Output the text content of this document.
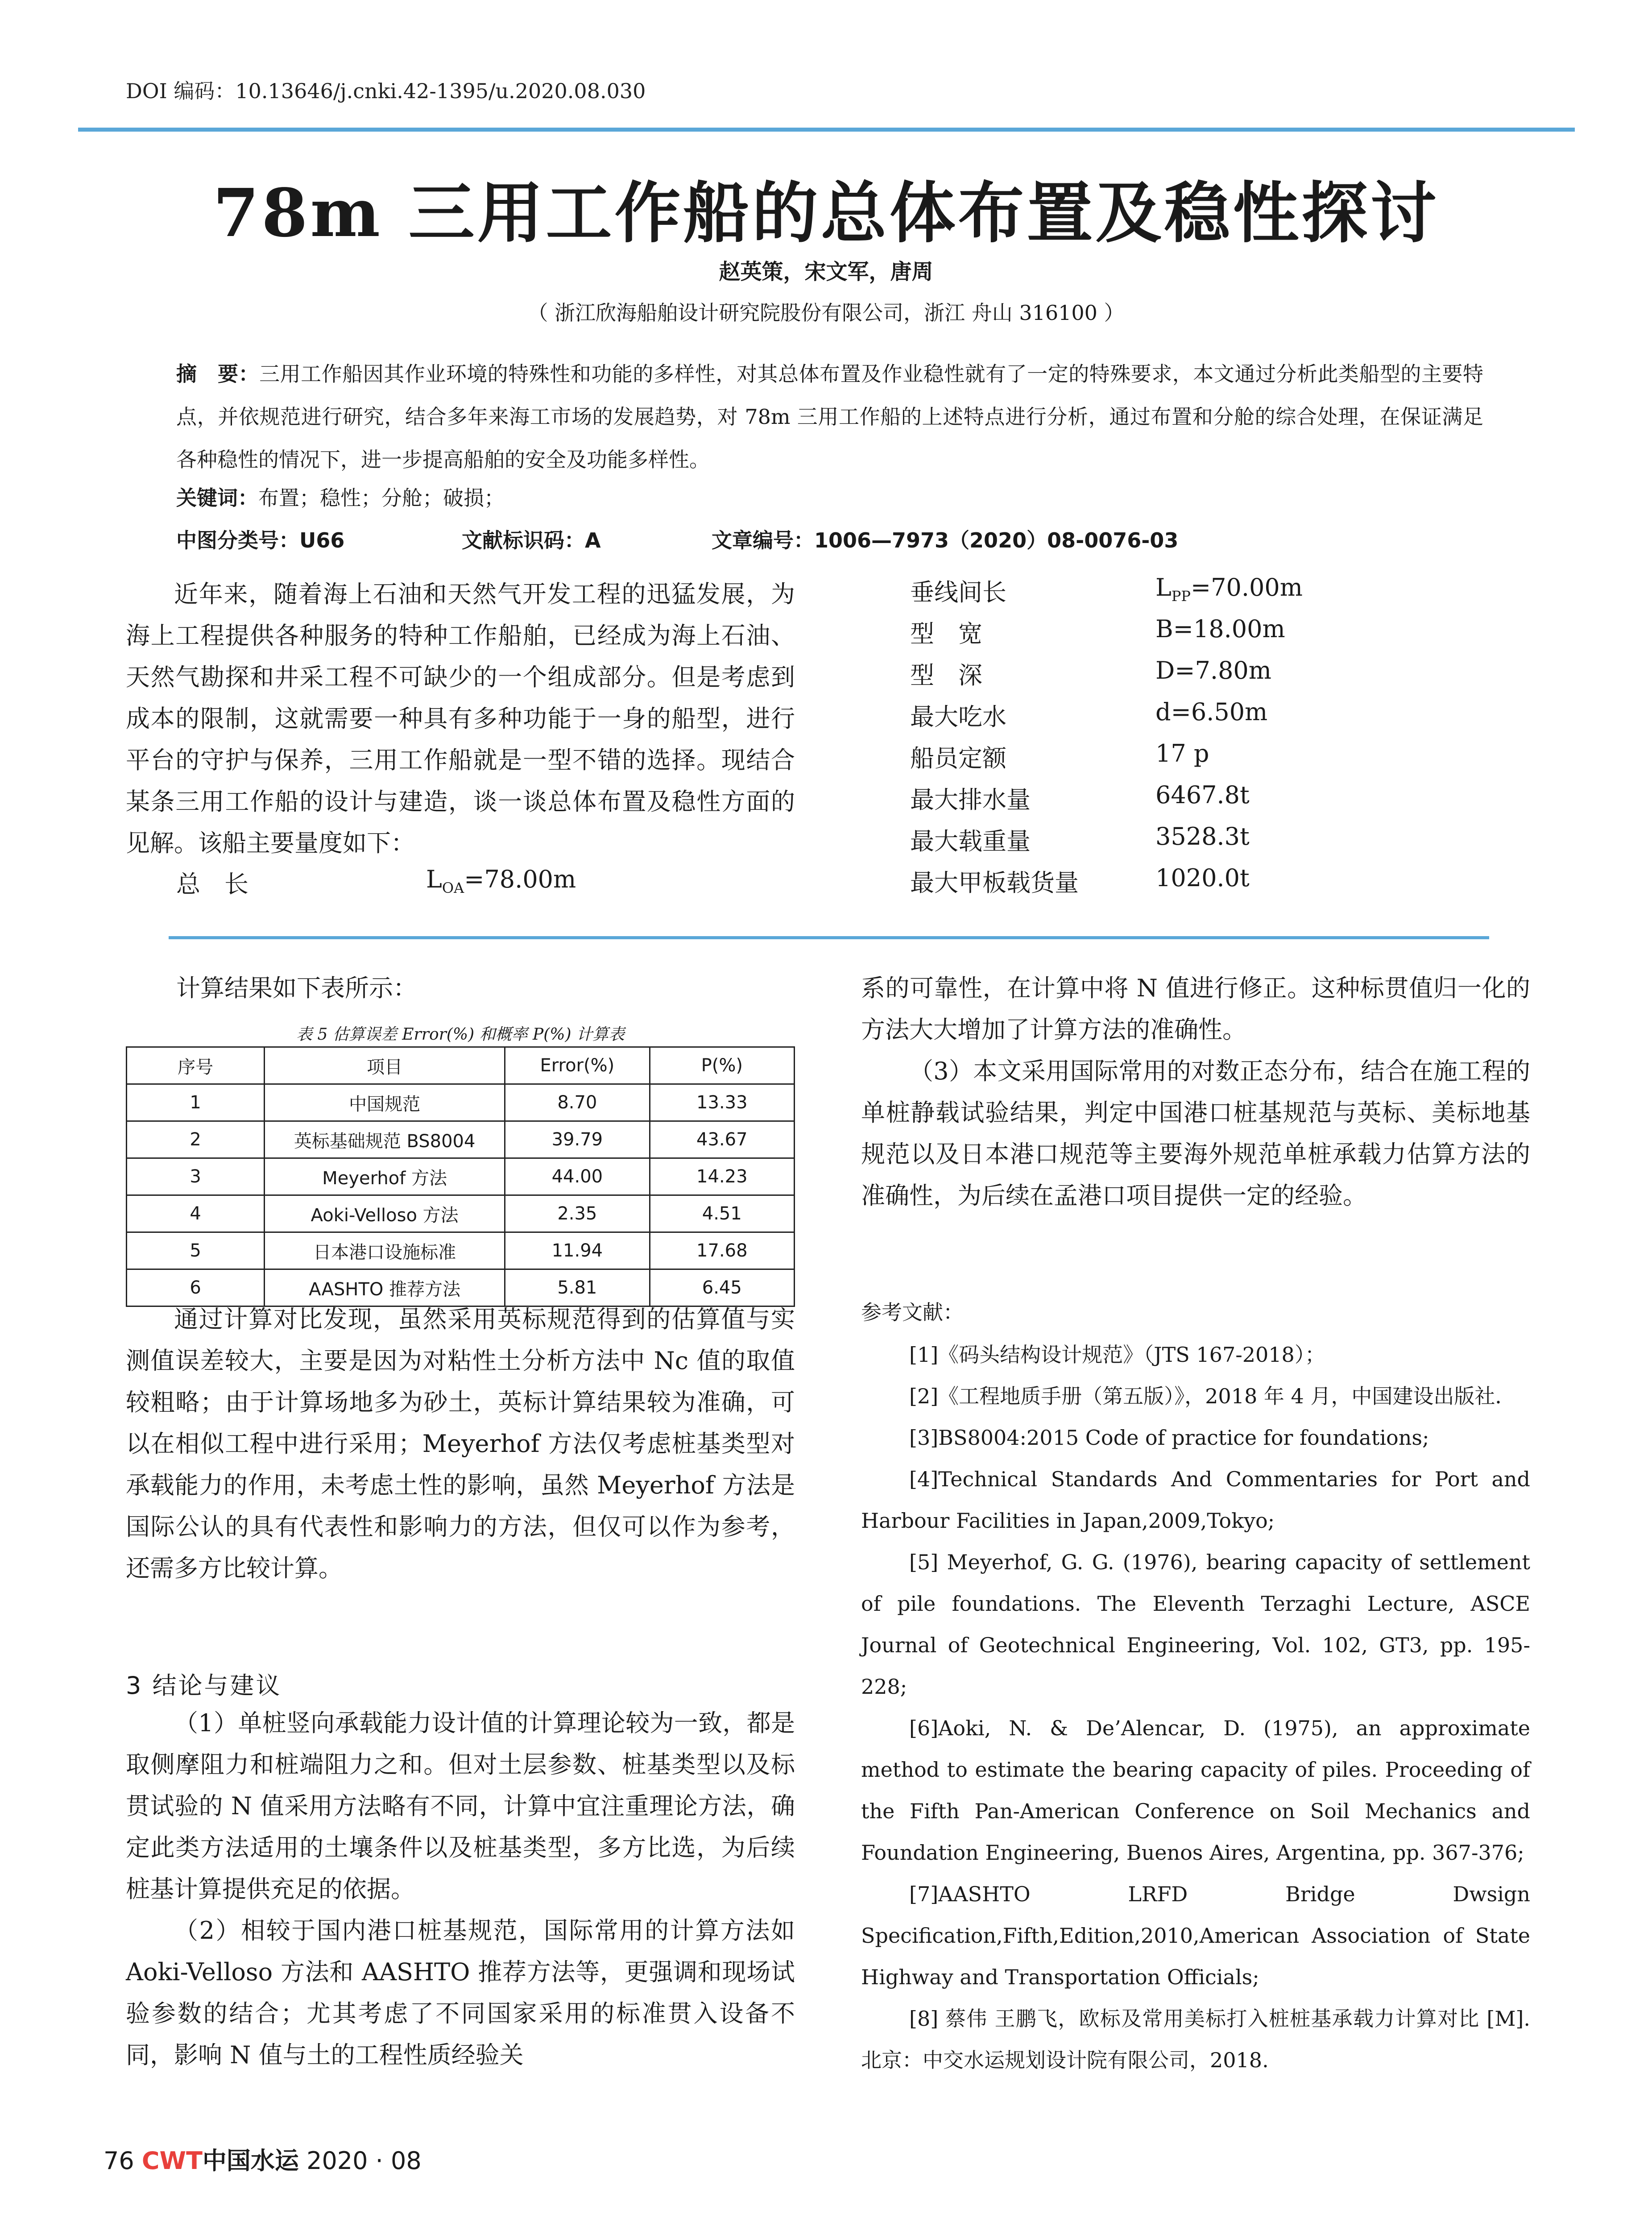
DOI 编码：10.13646/j.cnki.42-1395/u.2020.08.030
78m 三用工作船的总体布置及稳性探讨
赵英策，宋文军，唐周
（ 浙江欣海船舶设计研究院股份有限公司，浙江 舟山 316100 ）
摘　要：三用工作船因其作业环境的特殊性和功能的多样性，对其总体布置及作业稳性就有了一定的特殊要求，本文通过分析此类船型的主要特点，并依规范进行研究，结合多年来海工市场的发展趋势，对 78m 三用工作船的上述特点进行分析，通过布置和分舱的综合处理，在保证满足各种稳性的情况下，进一步提高船舶的安全及功能多样性。
关键词：布置；稳性；分舱；破损；
中图分类号：U66	文献标识码：A	文章编号：1006—7973（2020）08-0076-03
近年来，随着海上石油和天然气开发工程的迅猛发展，为海上工程提供各种服务的特种工作船舶，已经成为海上石油、天然气勘探和井采工程不可缺少的一个组成部分。但是考虑到成本的限制，这就需要一种具有多种功能于一身的船型，进行平台的守护与保养，三用工作船就是一型不错的选择。现结合某条三用工作船的设计与建造，谈一谈总体布置及稳性方面的见解。该船主要量度如下：
总　长	$L_{OA}=78.00m$
垂线间长	$L_{PP}=70.00m$
型　宽	B=18.00m
型　深	D=7.80m
最大吃水	d=6.50m
船员定额	17 p
最大排水量	6467.8t
最大载重量	3528.3t
最大甲板载货量	1020.0t
计算结果如下表所示：
表 5 估算误差 Error(%) 和概率 P(%) 计算表
序号	项目	Error(%)	P(%)
1	中国规范	8.70	13.33
2	英标基础规范 BS8004	39.79	43.67
3	Meyerhof 方法	44.00	14.23
4	Aoki-Velloso 方法	2.35	4.51
5	日本港口设施标准	11.94	17.68
6	AASHTO 推荐方法	5.81	6.45

通过计算对比发现，虽然采用英标规范得到的估算值与实测值误差较大，主要是因为对粘性土分析方法中 Nc 值的取值较粗略；由于计算场地多为砂土，英标计算结果较为准确，可以在相似工程中进行采用；Meyerhof 方法仅考虑桩基类型对承载能力的作用，未考虑土性的影响，虽然 Meyerhof 方法是国际公认的具有代表性和影响力的方法，但仅可以作为参考，还需多方比较计算。

3 结论与建议

（1）单桩竖向承载能力设计值的计算理论较为一致，都是取侧摩阻力和桩端阻力之和。但对土层参数、桩基类型以及标贯试验的 N 值采用方法略有不同，计算中宜注重理论方法，确定此类方法适用的土壤条件以及桩基类型，多方比选，为后续桩基计算提供充足的依据。

（2）相较于国内港口桩基规范，国际常用的计算方法如 Aoki-Velloso 方法和 AASHTO 推荐方法等，更强调和现场试验参数的结合；尤其考虑了不同国家采用的标准贯入设备不同，影响 N 值与土的工程性质经验关

系的可靠性，在计算中将 N 值进行修正。这种标贯值归一化的方法大大增加了计算方法的准确性。

（3）本文采用国际常用的对数正态分布，结合在施工程的单桩静载试验结果，判定中国港口桩基规范与英标、美标地基规范以及日本港口规范等主要海外规范单桩承载力估算方法的准确性，为后续在孟港口项目提供一定的经验。

参考文献：

[1]《码头结构设计规范》（JTS 167-2018）；

[2]《工程地质手册（第五版）》，2018 年 4 月，中国建设出版社．

[3]BS8004:2015 Code of practice for foundations;

[4]Technical Standards And Commentaries for Port and Harbour Facilities in Japan,2009,Tokyo;

[5] Meyerhof, G. G. (1976), bearing capacity of settlement of pile foundations. The Eleventh Terzaghi Lecture, ASCE Journal of Geotechnical Engineering, Vol. 102, GT3, pp. 195-228;

[6]Aoki, N. & De’Alencar, D. (1975), an approximate method to estimate the bearing capacity of piles. Proceeding of the Fifth Pan-American Conference on Soil Mechanics and Foundation Engineering, Buenos Aires, Argentina, pp. 367-376;

[7]AASHTO LRFD Bridge Dwsign Specification,Fifth,Edition,2010,American Association of State Highway and Transportation Officials;

[8] 蔡伟 王鹏飞，欧标及常用美标打入桩桩基承载力计算对比 [M]. 北京：中交水运规划设计院有限公司，2018.

76 CWT中国水运 2020 · 08
